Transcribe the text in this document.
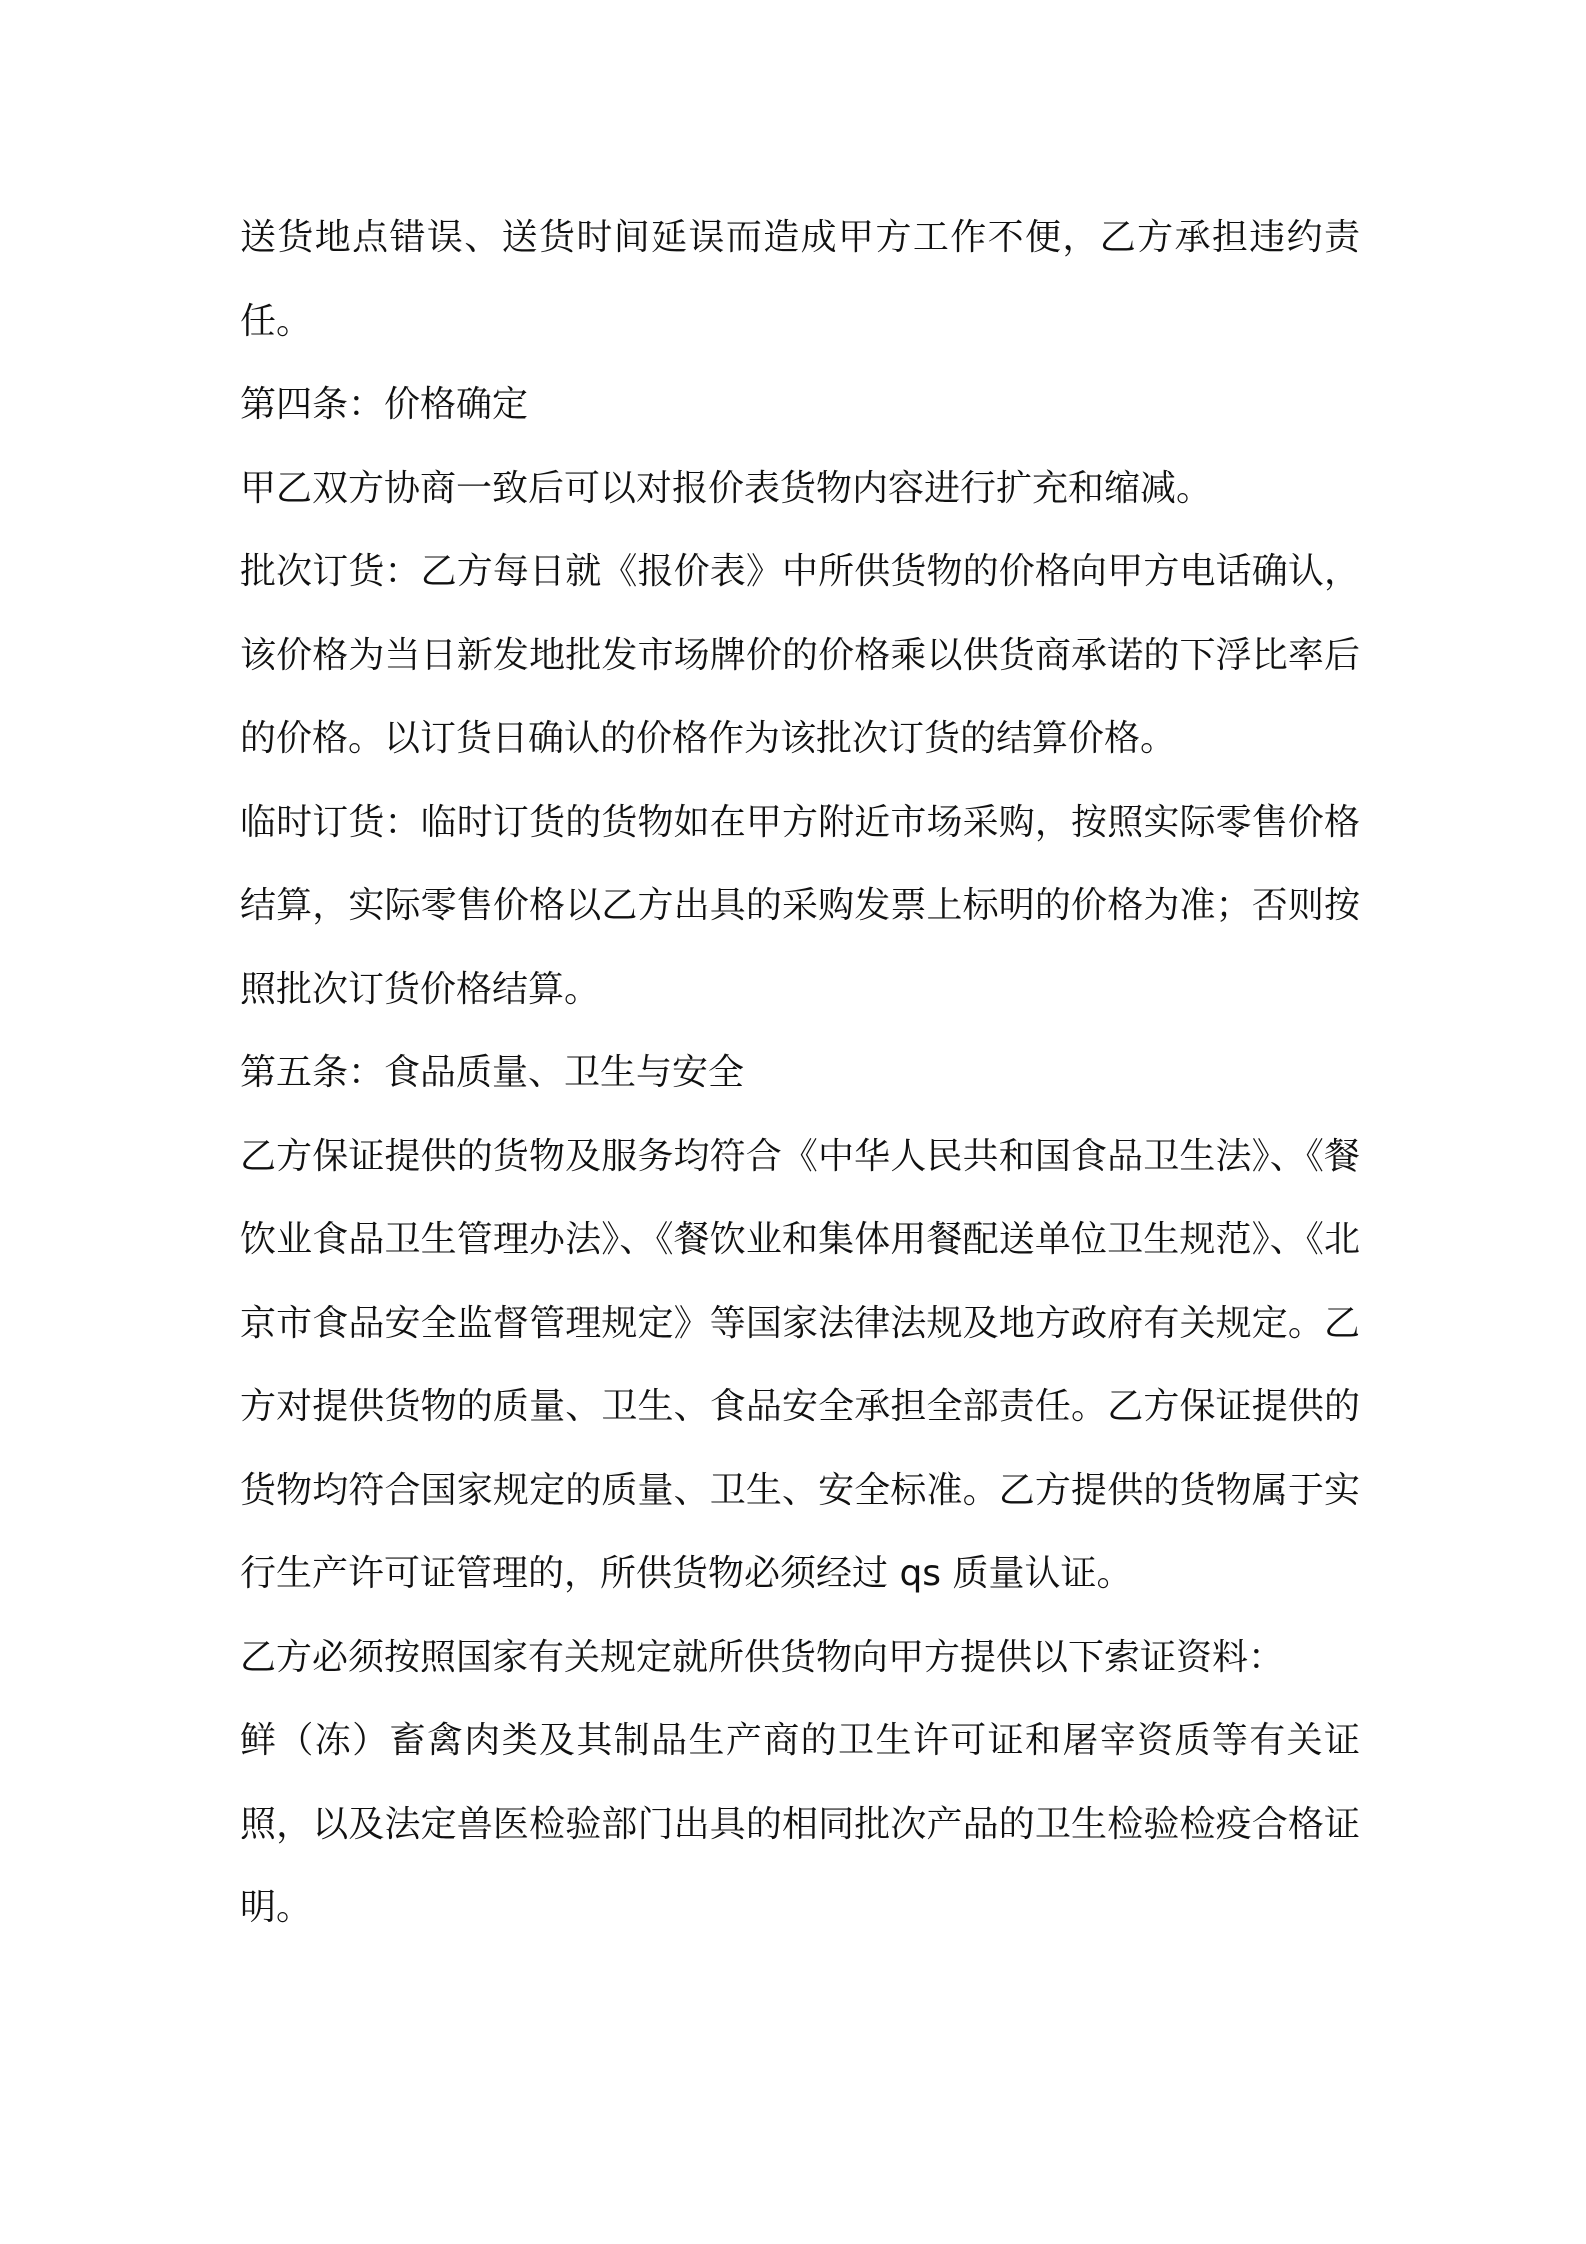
送货地点错误、送货时间延误而造成甲方工作不便，乙方承担违约责任。

第四条：价格确定

甲乙双方协商一致后可以对报价表货物内容进行扩充和缩减。

批次订货：乙方每日就《报价表》中所供货物的价格向甲方电话确认，该价格为当日新发地批发市场牌价的价格乘以供货商承诺的下浮比率后的价格。以订货日确认的价格作为该批次订货的结算价格。

临时订货：临时订货的货物如在甲方附近市场采购，按照实际零售价格结算，实际零售价格以乙方出具的采购发票上标明的价格为准；否则按照批次订货价格结算。

第五条：食品质量、卫生与安全

乙方保证提供的货物及服务均符合《中华人民共和国食品卫生法》、《餐饮业食品卫生管理办法》、《餐饮业和集体用餐配送单位卫生规范》、《北京市食品安全监督管理规定》等国家法律法规及地方政府有关规定。乙方对提供货物的质量、卫生、食品安全承担全部责任。乙方保证提供的货物均符合国家规定的质量、卫生、安全标准。乙方提供的货物属于实行生产许可证管理的，所供货物必须经过 qs 质量认证。

乙方必须按照国家有关规定就所供货物向甲方提供以下索证资料：

鲜（冻）畜禽肉类及其制品生产商的卫生许可证和屠宰资质等有关证照，以及法定兽医检验部门出具的相同批次产品的卫生检验检疫合格证明。
